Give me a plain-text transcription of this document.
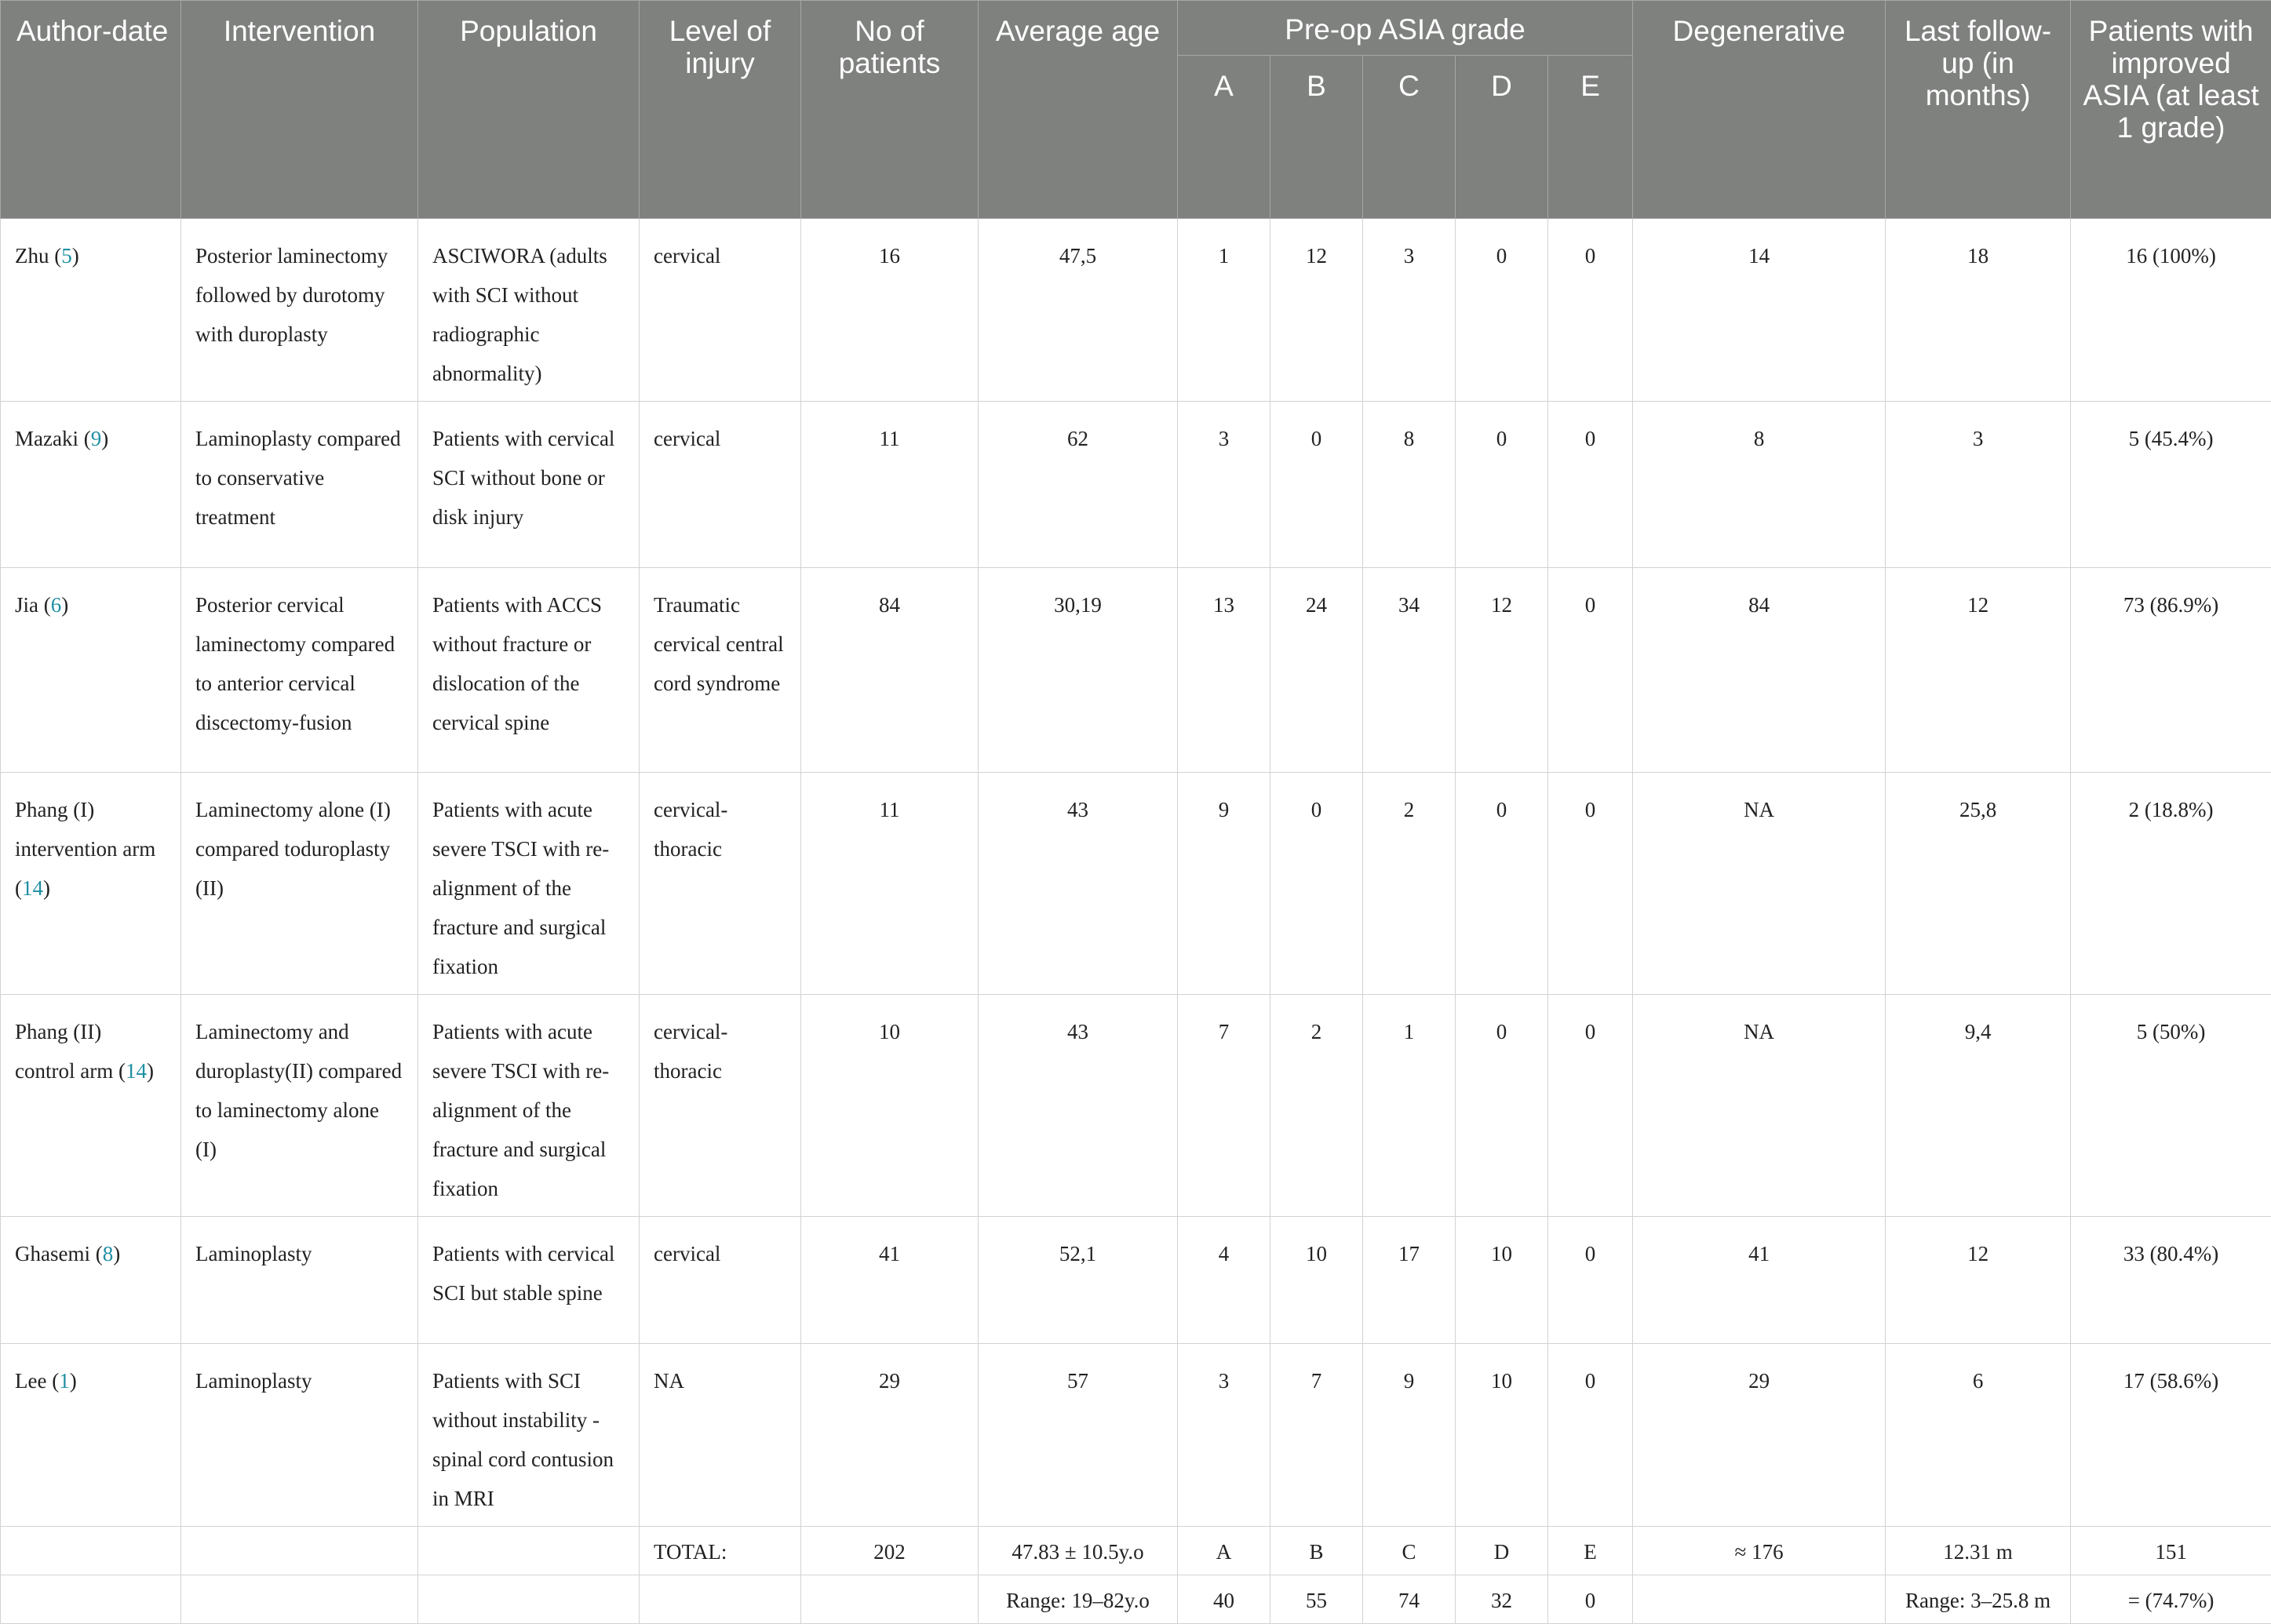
Author-date	Intervention	Population	Level of injury	No of patients	Average age	Pre-op ASIA grade					Degenerative	Last follow-up (in months)	Patients with improved ASIA (at least 1 grade)
						A	B	C	D	E			
Zhu (5)	Posterior laminectomy followed by durotomy with duroplasty	ASCIWORA (adults with SCI without radiographic abnormality)	cervical	16	47,5	1	12	3	0	0	14	18	16 (100%)
Mazaki (9)	Laminoplasty compared to conservative treatment	Patients with cervical SCI without bone or disk injury	cervical	11	62	3	0	8	0	0	8	3	5 (45.4%)
Jia (6)	Posterior cervical laminectomy compared to anterior cervical discectomy-fusion	Patients with ACCS without fracture or dislocation of the cervical spine	Traumatic cervical central cord syndrome	84	30,19	13	24	34	12	0	84	12	73 (86.9%)
Phang (I) intervention arm (14)	Laminectomy alone (I) compared toduroplasty (II)	Patients with acute severe TSCI with re-alignment of the fracture and surgical fixation	cervical-thoracic	11	43	9	0	2	0	0	NA	25,8	2 (18.8%)
Phang (II) control arm (14)	Laminectomy and duroplasty(II) compared to laminectomy alone (I)	Patients with acute severe TSCI with re-alignment of the fracture and surgical fixation	cervical-thoracic	10	43	7	2	1	0	0	NA	9,4	5 (50%)
Ghasemi (8)	Laminoplasty	Patients with cervical SCI but stable spine	cervical	41	52,1	4	10	17	10	0	41	12	33 (80.4%)
Lee (1)	Laminoplasty	Patients with SCI without instability -spinal cord contusion in MRI	NA	29	57	3	7	9	10	0	29	6	17 (58.6%)
			TOTAL:	202	47.83 ± 10.5y.o	A	B	C	D	E	≈ 176	12.31 m	151
					Range: 19–82y.o	40	55	74	32	0		Range: 3–25.8 m	= (74.7%)
